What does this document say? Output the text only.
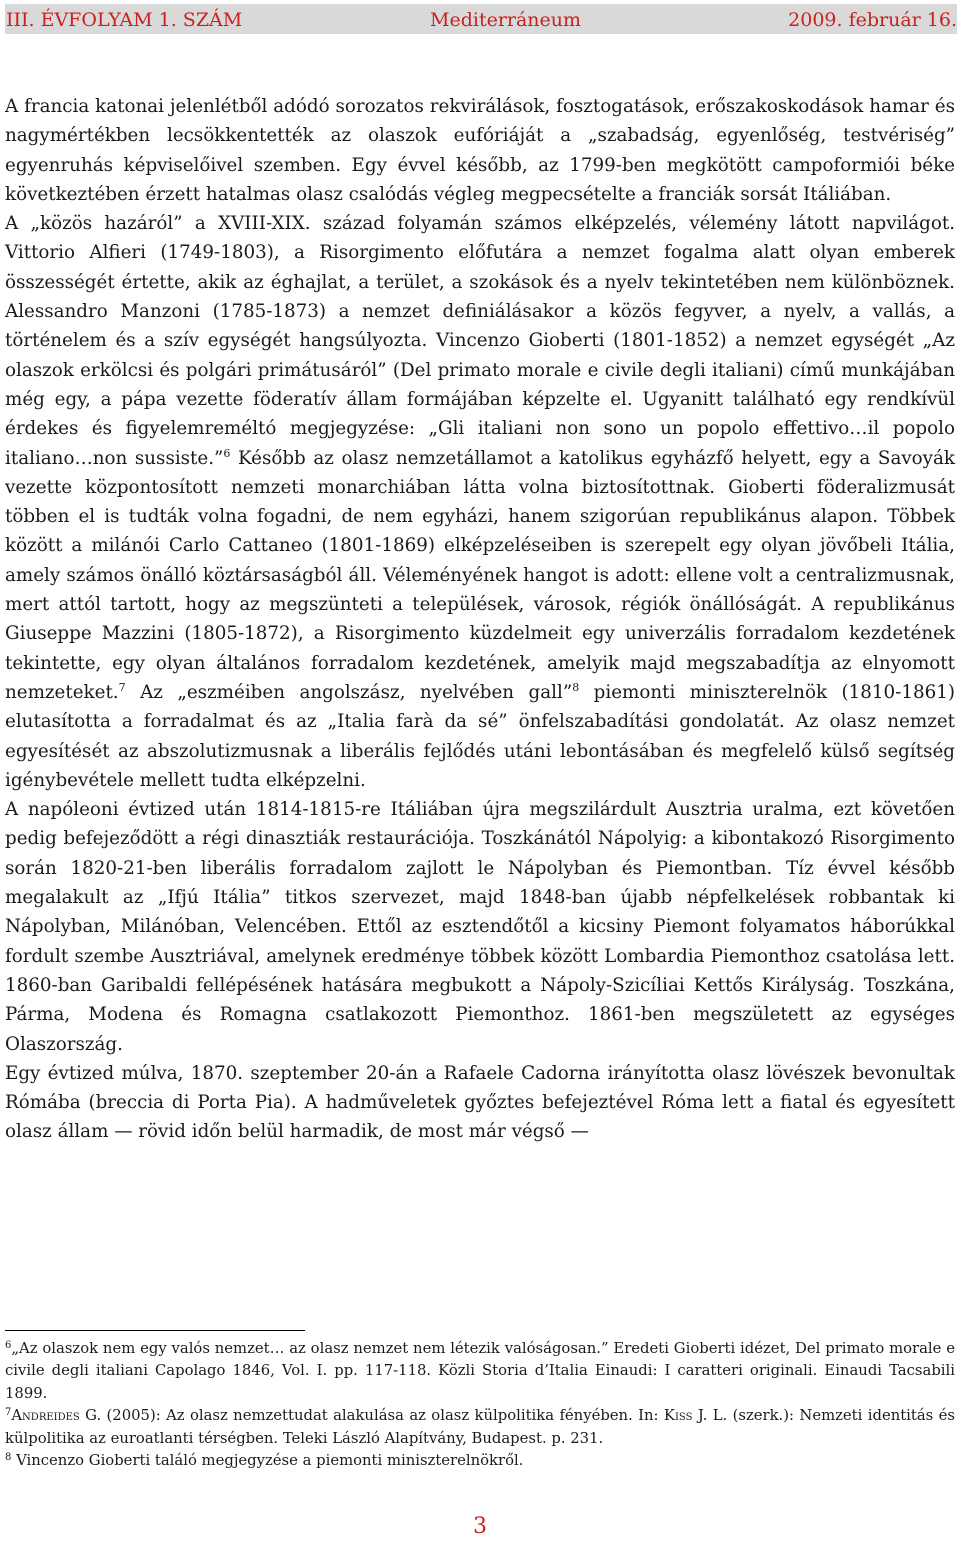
III. ÉVFOLYAM 1. SZÁM	Mediterráneum	2009. február 16.

A francia katonai jelenlétből adódó sorozatos rekvirálások, fosztogatások, erőszakoskodások hamar és nagymértékben lecsökkentették az olaszok eufóriáját a „szabadság, egyenlőség, testvériség” egyenruhás képviselőivel szemben. Egy évvel később, az 1799-ben megkötött campoformiói béke következtében érzett hatalmas olasz csalódás végleg megpecsételte a franciák sorsát Itáliában.

A „közös hazáról” a XVIII-XIX. század folyamán számos elképzelés, vélemény látott napvilágot. Vittorio Alfieri (1749-1803), a Risorgimento előfutára a nemzet fogalma alatt olyan emberek összességét értette, akik az éghajlat, a terület, a szokások és a nyelv tekintetében nem különböznek. Alessandro Manzoni (1785-1873) a nemzet definiálásakor a közös fegyver, a nyelv, a vallás, a történelem és a szív egységét hangsúlyozta. Vincenzo Gioberti (1801-1852) a nemzet egységét „Az olaszok erkölcsi és polgári primátusáról” (Del primato morale e civile degli italiani) című munkájában még egy, a pápa vezette föderatív állam formájában képzelte el. Ugyanitt található egy rendkívül érdekes és figyelemreméltó megjegyzése: „Gli italiani non sono un popolo effettivo…il popolo italiano…non sussiste.”$^6$ Később az olasz nemzetállamot a katolikus egyházfő helyett, egy a Savoyák vezette központosított nemzeti monarchiában látta volna biztosítottnak. Gioberti föderalizmusát többen el is tudták volna fogadni, de nem egyházi, hanem szigorúan republikánus alapon. Többek között a milánói Carlo Cattaneo (1801-1869) elképzeléseiben is szerepelt egy olyan jövőbeli Itália, amely számos önálló köztársaságból áll. Véleményének hangot is adott: ellene volt a centralizmusnak, mert attól tartott, hogy az megszünteti a települések, városok, régiók önállóságát. A republikánus Giuseppe Mazzini (1805-1872), a Risorgimento küzdelmeit egy univerzális forradalom kezdetének tekintette, egy olyan általános forradalom kezdetének, amelyik majd megszabadítja az elnyomott nemzeteket.$^7$ Az „eszméiben angolszász, nyelvében gall”$^8$ piemonti miniszterelnök (1810-1861) elutasította a forradalmat és az „Italia farà da sé” önfelszabadítási gondolatát. Az olasz nemzet egyesítését az abszolutizmusnak a liberális fejlődés utáni lebontásában és megfelelő külső segítség igénybevétele mellett tudta elképzelni.

A napóleoni évtized után 1814-1815-re Itáliában újra megszilárdult Ausztria uralma, ezt követően pedig befejeződött a régi dinasztiák restaurációja. Toszkánától Nápolyig: a kibontakozó Risorgimento során 1820-21-ben liberális forradalom zajlott le Nápolyban és Piemontban. Tíz évvel később megalakult az „Ifjú Itália” titkos szervezet, majd 1848-ban újabb népfelkelések robbantak ki Nápolyban, Milánóban, Velencében. Ettől az esztendőtől a kicsiny Piemont folyamatos háborúkkal fordult szembe Ausztriával, amelynek eredménye többek között Lombardia Piemonthoz csatolása lett. 1860-ban Garibaldi fellépésének hatására megbukott a Nápoly-Szicíliai Kettős Királyság. Toszkána, Párma, Modena és Romagna csatlakozott Piemonthoz. 1861-ben megszületett az egységes Olaszország.

Egy évtized múlva, 1870. szeptember 20-án a Rafaele Cadorna irányította olasz lövészek bevonultak Rómába (breccia di Porta Pia). A hadműveletek győztes befejeztével Róma lett a fiatal és egyesített olasz állam — rövid időn belül harmadik, de most már végső —

$^6$„Az olaszok nem egy valós nemzet… az olasz nemzet nem létezik valóságosan.” Eredeti Gioberti idézet, Del primato morale e civile degli italiani Capolago 1846, Vol. I. pp. 117-118. Közli Storia d’Italia Einaudi: I caratteri originali. Einaudi Tacsabili 1899.

$^7$Andreides G. (2005): Az olasz nemzettudat alakulása az olasz külpolitika fényében. In: Kiss J. L. (szerk.): Nemzeti identitás és külpolitika az euroatlanti térségben. Teleki László Alapítvány, Budapest. p. 231.

$^8$ Vincenzo Gioberti találó megjegyzése a piemonti miniszterelnökről.

3
